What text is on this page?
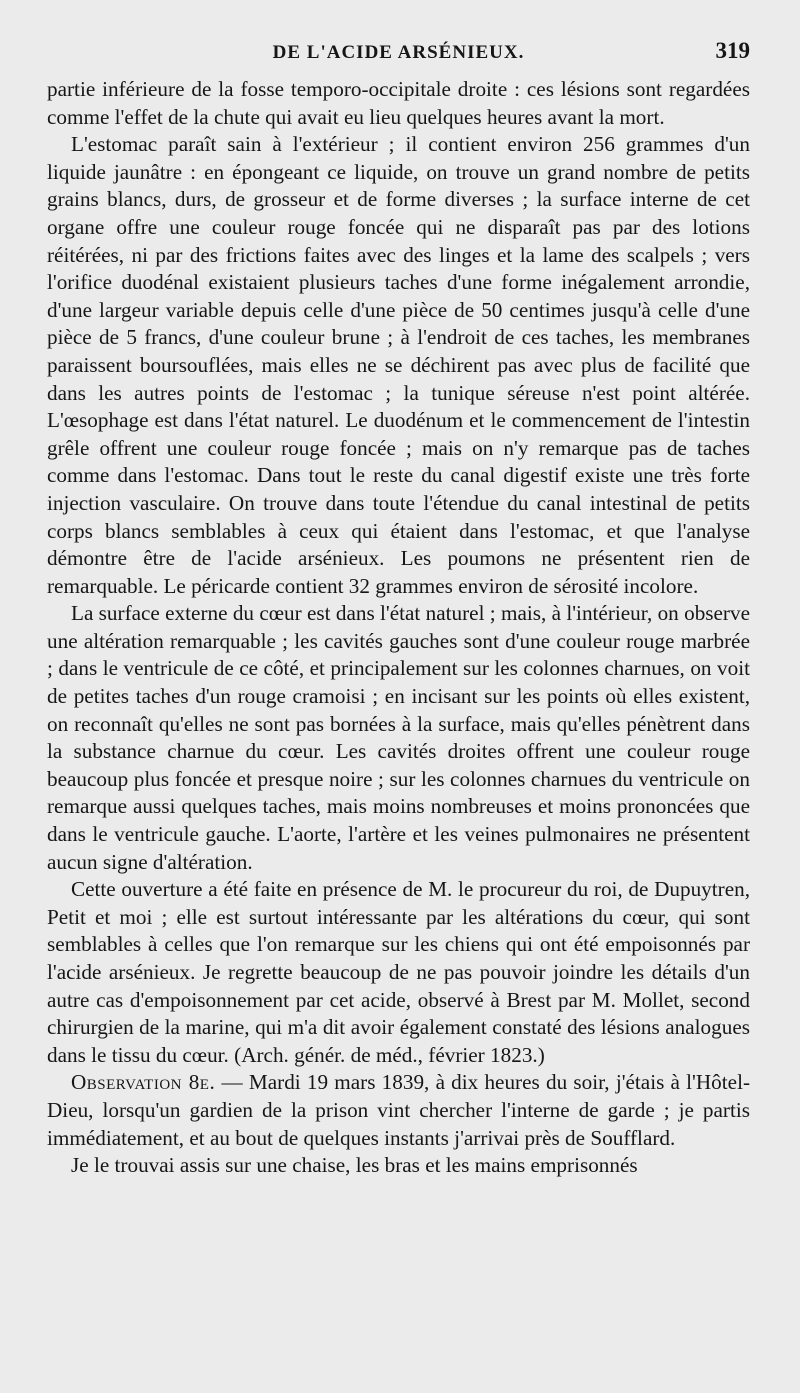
DE L'ACIDE ARSÉNIEUX.	319

partie inférieure de la fosse temporo-occipitale droite : ces lésions sont regardées comme l'effet de la chute qui avait eu lieu quelques heures avant la mort.

L'estomac paraît sain à l'extérieur ; il contient environ 256 grammes d'un liquide jaunâtre : en épongeant ce liquide, on trouve un grand nombre de petits grains blancs, durs, de grosseur et de forme diverses ; la surface interne de cet organe offre une couleur rouge foncée qui ne disparaît pas par des lotions réitérées, ni par des frictions faites avec des linges et la lame des scalpels ; vers l'orifice duodénal existaient plusieurs taches d'une forme inégalement arrondie, d'une largeur variable depuis celle d'une pièce de 50 centimes jusqu'à celle d'une pièce de 5 francs, d'une couleur brune ; à l'endroit de ces taches, les membranes paraissent boursouflées, mais elles ne se déchirent pas avec plus de facilité que dans les autres points de l'estomac ; la tunique séreuse n'est point altérée. L'œsophage est dans l'état naturel. Le duodénum et le commencement de l'intestin grêle offrent une couleur rouge foncée ; mais on n'y remarque pas de taches comme dans l'estomac. Dans tout le reste du canal digestif existe une très forte injection vasculaire. On trouve dans toute l'étendue du canal intestinal de petits corps blancs semblables à ceux qui étaient dans l'estomac, et que l'analyse démontre être de l'acide arsénieux. Les poumons ne présentent rien de remarquable. Le péricarde contient 32 grammes environ de sérosité incolore.

La surface externe du cœur est dans l'état naturel ; mais, à l'intérieur, on observe une altération remarquable ; les cavités gauches sont d'une couleur rouge marbrée ; dans le ventricule de ce côté, et principalement sur les colonnes charnues, on voit de petites taches d'un rouge cramoisi ; en incisant sur les points où elles existent, on reconnaît qu'elles ne sont pas bornées à la surface, mais qu'elles pénètrent dans la substance charnue du cœur. Les cavités droites offrent une couleur rouge beaucoup plus foncée et presque noire ; sur les colonnes charnues du ventricule on remarque aussi quelques taches, mais moins nombreuses et moins prononcées que dans le ventricule gauche. L'aorte, l'artère et les veines pulmonaires ne présentent aucun signe d'altération.

Cette ouverture a été faite en présence de M. le procureur du roi, de Dupuytren, Petit et moi ; elle est surtout intéressante par les altérations du cœur, qui sont semblables à celles que l'on remarque sur les chiens qui ont été empoisonnés par l'acide arsénieux. Je regrette beaucoup de ne pas pouvoir joindre les détails d'un autre cas d'empoisonnement par cet acide, observé à Brest par M. Mollet, second chirurgien de la marine, qui m'a dit avoir également constaté des lésions analogues dans le tissu du cœur. (Arch. génér. de méd., février 1823.)

Observation 8e. — Mardi 19 mars 1839, à dix heures du soir, j'étais à l'Hôtel-Dieu, lorsqu'un gardien de la prison vint chercher l'interne de garde ; je partis immédiatement, et au bout de quelques instants j'arrivai près de Soufflard.

Je le trouvai assis sur une chaise, les bras et les mains emprisonnés
